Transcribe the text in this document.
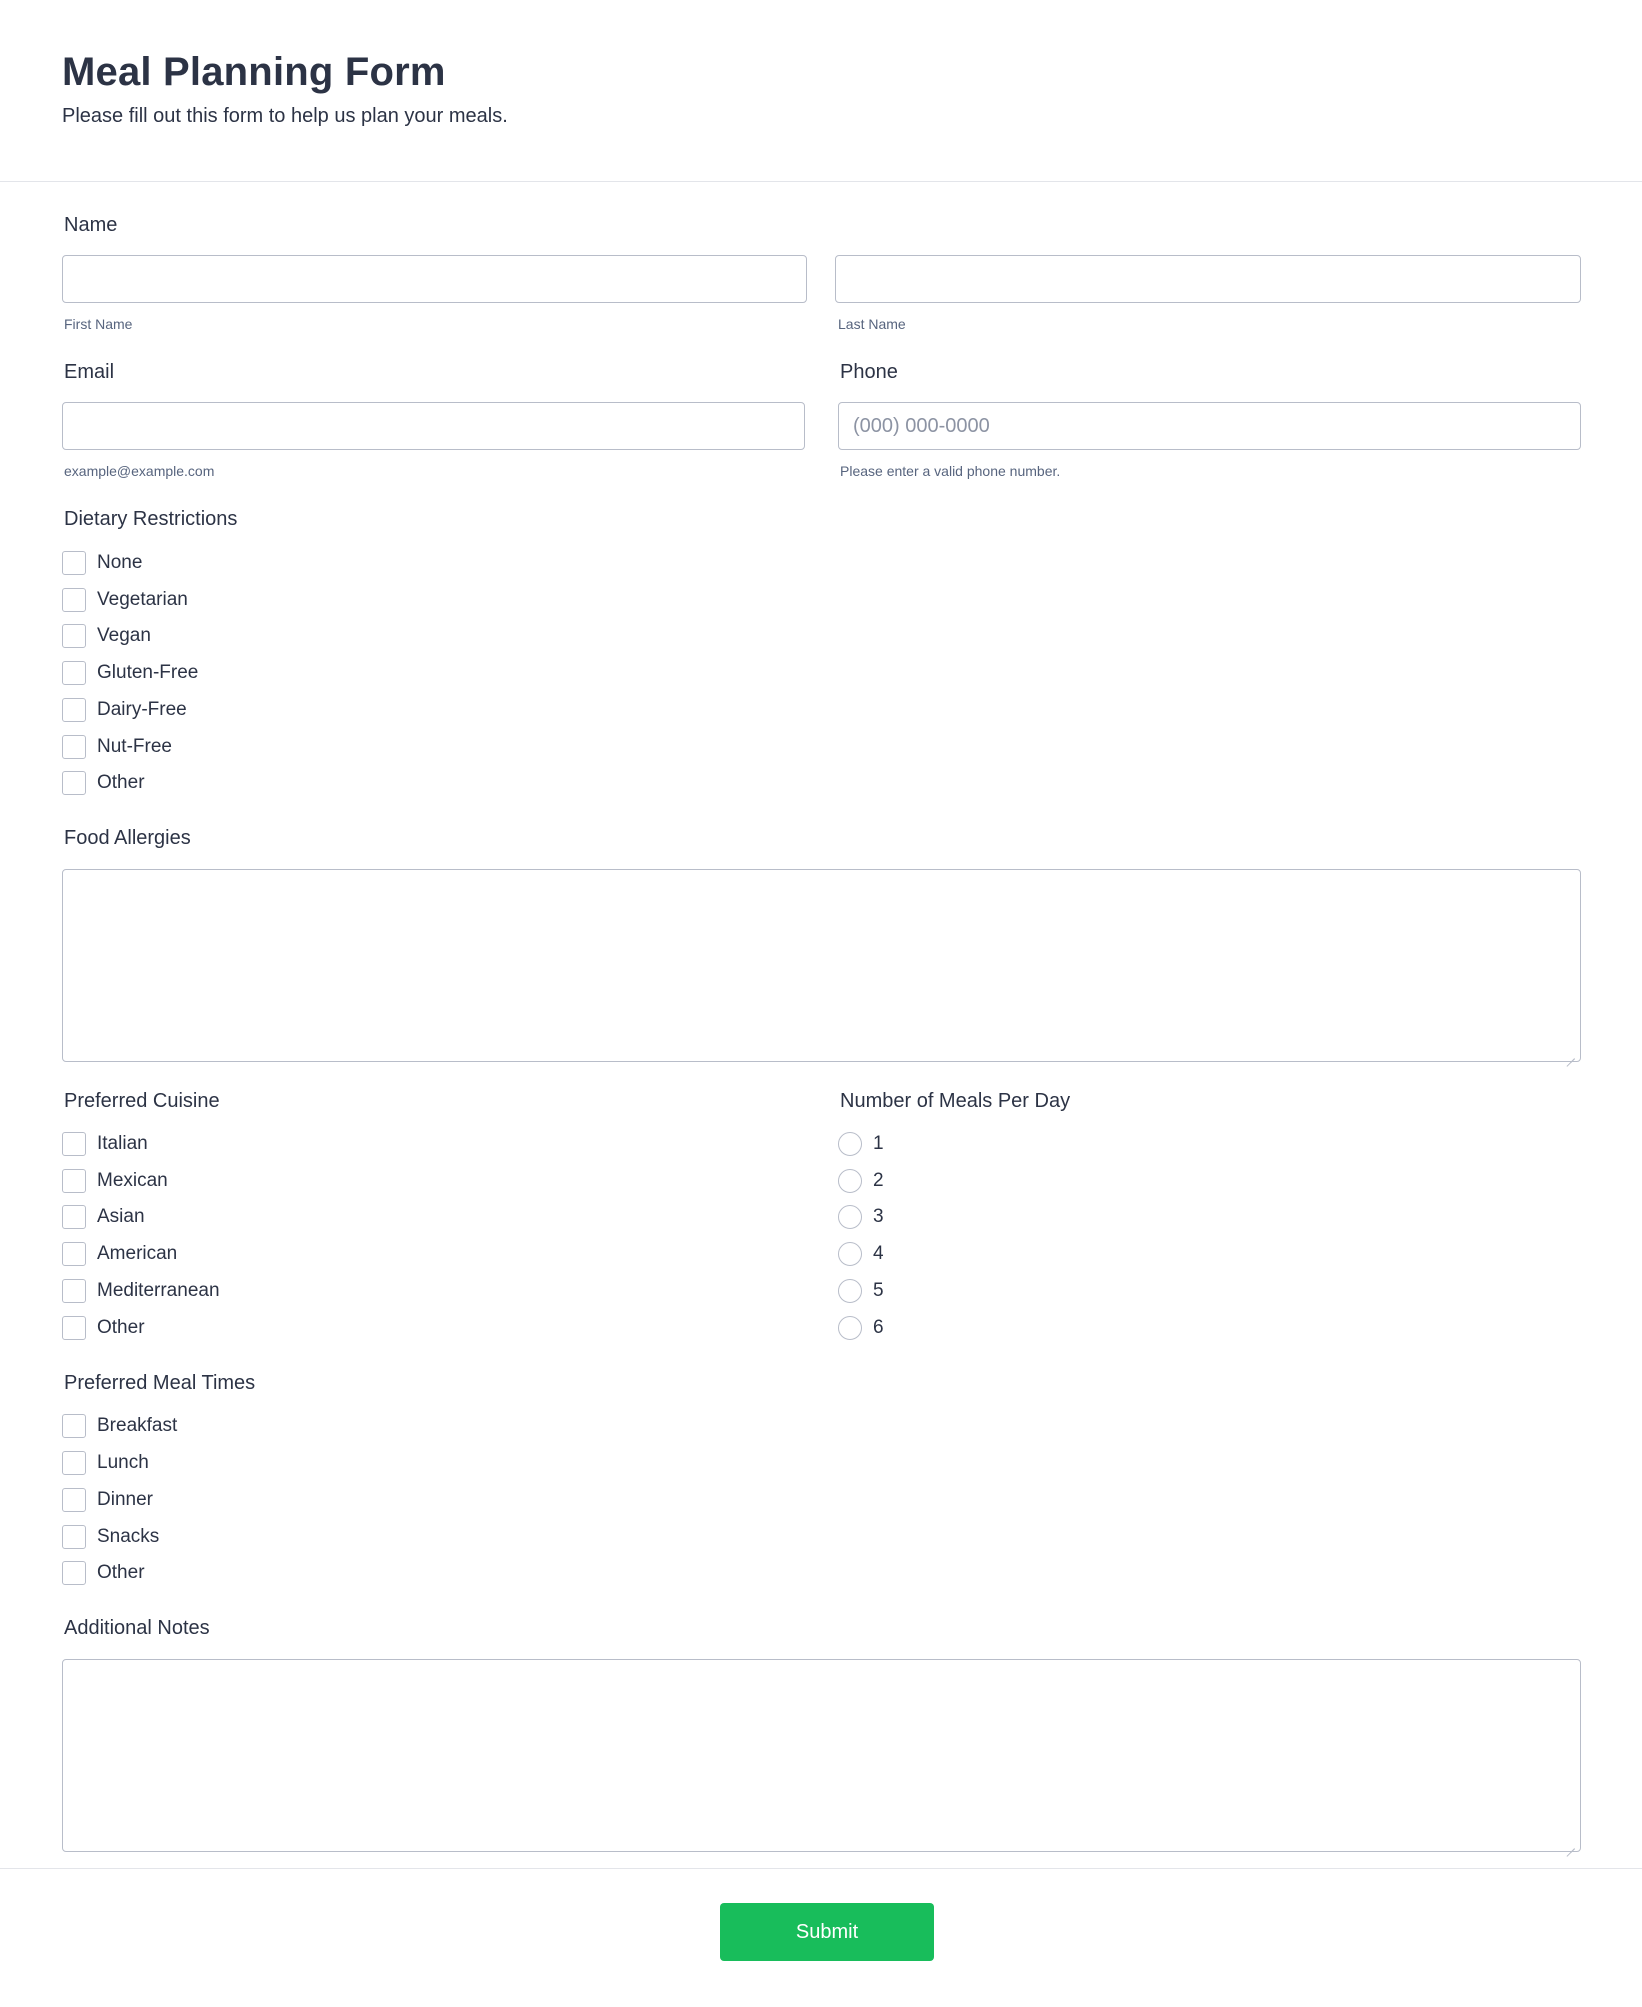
Meal Planning Form

Please fill out this form to help us plan your meals.

Name
First Name	Last Name
Email	Phone
(000) 000-0000
example@example.com	Please enter a valid phone number.
Dietary Restrictions
None
Vegetarian
Vegan
Gluten-Free
Dairy-Free
Nut-Free
Other
Food Allergies
Preferred Cuisine
Italian
Mexican
Asian
American
Mediterranean
Other
Number of Meals Per Day
1
2
3
4
5
6
Preferred Meal Times
Breakfast
Lunch
Dinner
Snacks
Other
Additional Notes
Submit
